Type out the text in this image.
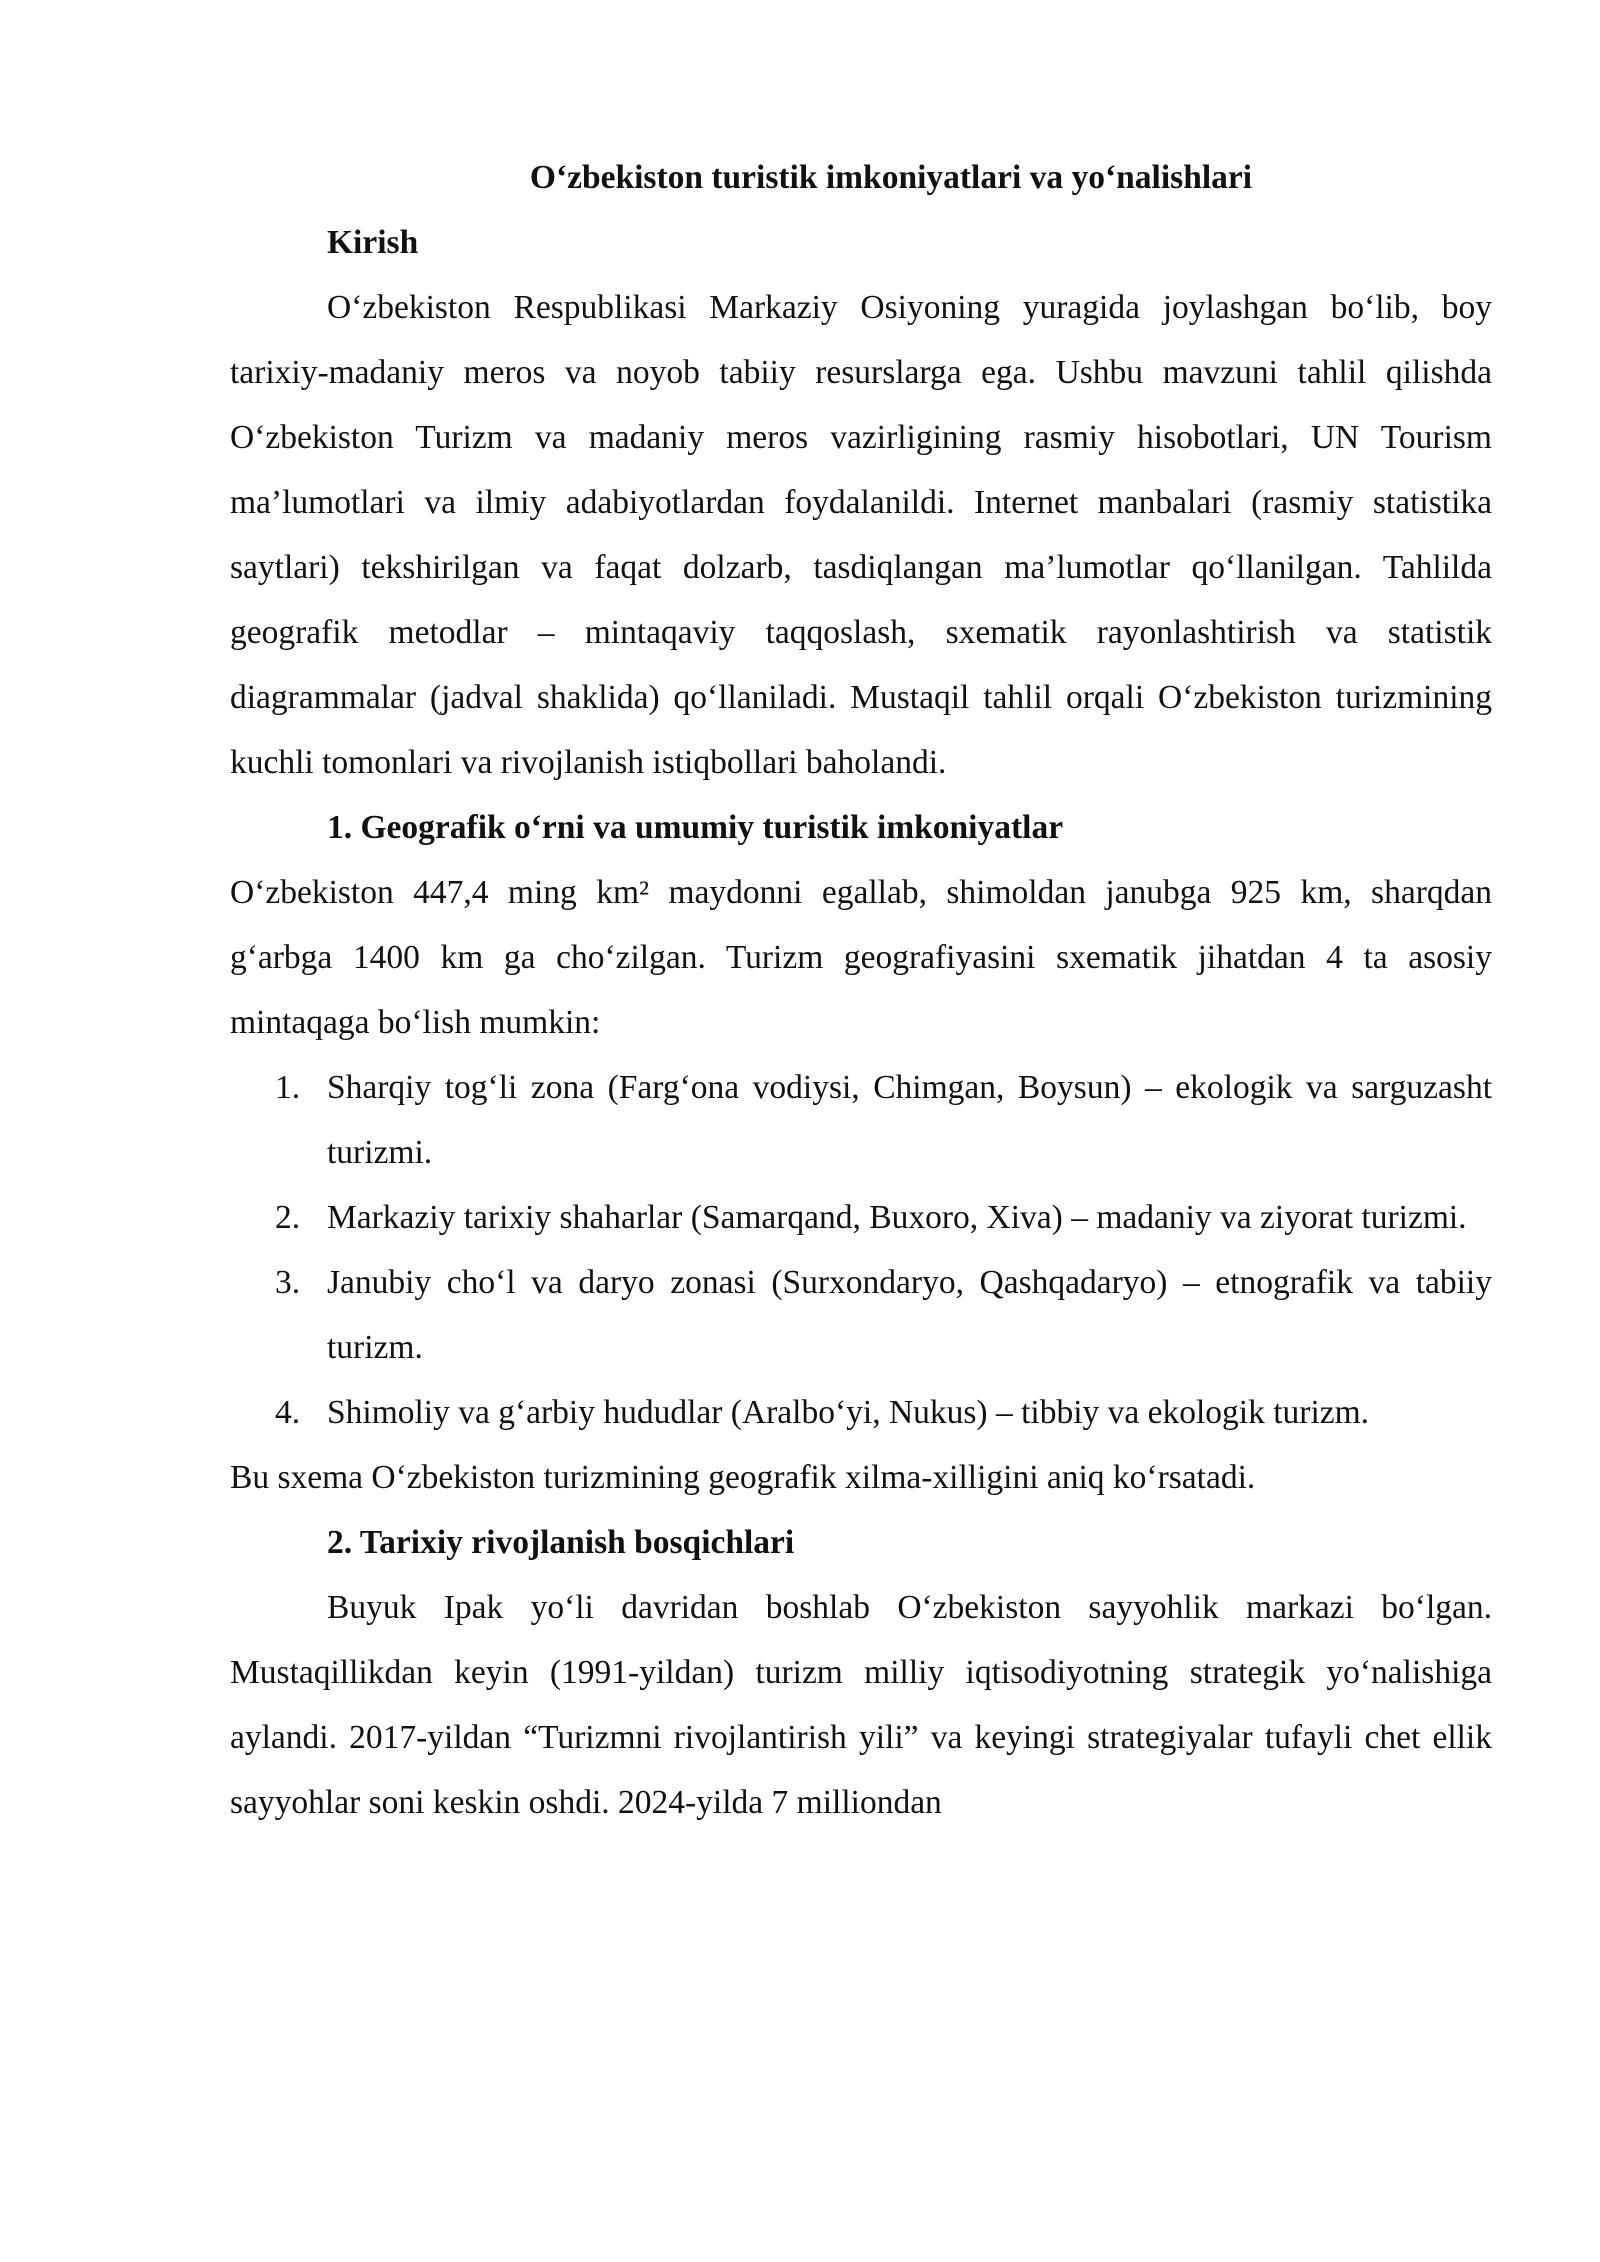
O‘zbekiston turistik imkoniyatlari va yo‘nalishlari

Kirish

O‘zbekiston Respublikasi Markaziy Osiyoning yuragida joylashgan bo‘lib, boy tarixiy-madaniy meros va noyob tabiiy resurslarga ega. Ushbu mavzuni tahlil qilishda O‘zbekiston Turizm va madaniy meros vazirligining rasmiy hisobotlari, UN Tourism ma’lumotlari va ilmiy adabiyotlardan foydalanildi. Internet manbalari (rasmiy statistika saytlari) tekshirilgan va faqat dolzarb, tasdiqlangan ma’lumotlar qo‘llanilgan. Tahlilda geografik metodlar – mintaqaviy taqqoslash, sxematik rayonlashtirish va statistik diagrammalar (jadval shaklida) qo‘llaniladi. Mustaqil tahlil orqali O‘zbekiston turizmining kuchli tomonlari va rivojlanish istiqbollari baholandi.

1. Geografik o‘rni va umumiy turistik imkoniyatlar

O‘zbekiston 447,4 ming km² maydonni egallab, shimoldan janubga 925 km, sharqdan g‘arbga 1400 km ga cho‘zilgan. Turizm geografiyasini sxematik jihatdan 4 ta asosiy mintaqaga bo‘lish mumkin:

1. Sharqiy tog‘li zona (Farg‘ona vodiysi, Chimgan, Boysun) – ekologik va sarguzasht turizmi.
2. Markaziy tarixiy shaharlar (Samarqand, Buxoro, Xiva) – madaniy va ziyorat turizmi.
3. Janubiy cho‘l va daryo zonasi (Surxondaryo, Qashqadaryo) – etnografik va tabiiy turizm.
4. Shimoliy va g‘arbiy hududlar (Aralbo‘yi, Nukus) – tibbiy va ekologik turizm.

Bu sxema O‘zbekiston turizmining geografik xilma-xilligini aniq ko‘rsatadi.

2. Tarixiy rivojlanish bosqichlari

Buyuk Ipak yo‘li davridan boshlab O‘zbekiston sayyohlik markazi bo‘lgan. Mustaqillikdan keyin (1991-yildan) turizm milliy iqtisodiyotning strategik yo‘nalishiga aylandi. 2017-yildan “Turizmni rivojlantirish yili” va keyingi strategiyalar tufayli chet ellik sayyohlar soni keskin oshdi. 2024-yilda 7 milliondan
